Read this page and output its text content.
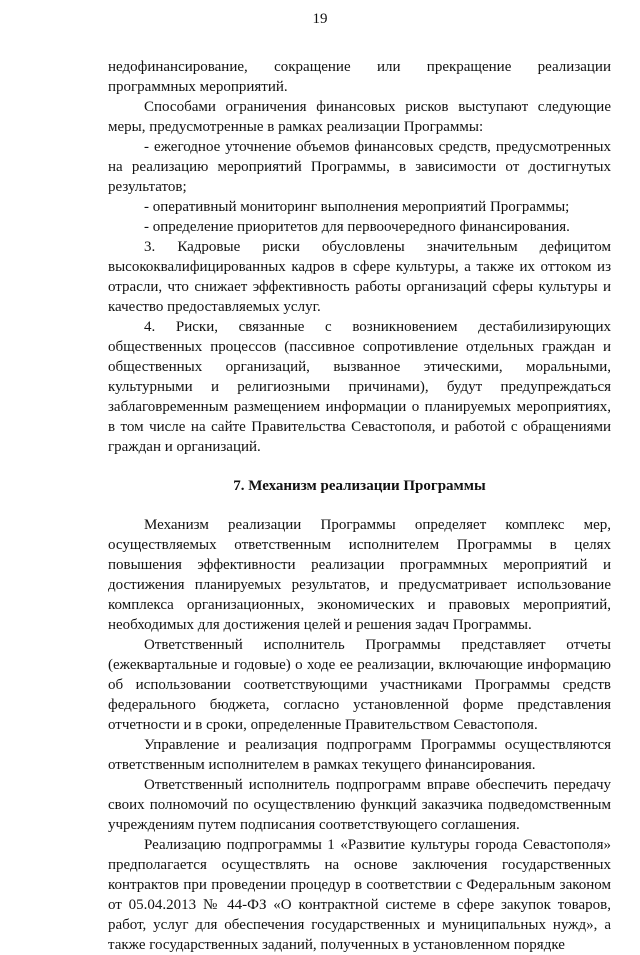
19

недофинансирование, сокращение или прекращение реализации программных мероприятий.

Способами ограничения финансовых рисков выступают следующие меры, предусмотренные в рамках реализации Программы:

- ежегодное уточнение объемов финансовых средств, предусмотренных на реализацию мероприятий Программы, в зависимости от достигнутых результатов;

- оперативный мониторинг выполнения мероприятий Программы;

- определение приоритетов для первоочередного финансирования.

3. Кадровые риски обусловлены значительным дефицитом высококвалифицированных кадров в сфере культуры, а также их оттоком из отрасли, что снижает эффективность работы организаций сферы культуры и качество предоставляемых услуг.

4. Риски, связанные с возникновением дестабилизирующих общественных процессов (пассивное сопротивление отдельных граждан и общественных организаций, вызванное этическими, моральными, культурными и религиозными причинами), будут предупреждаться заблаговременным размещением информации о планируемых мероприятиях, в том числе на сайте Правительства Севастополя, и работой с обращениями граждан и организаций.

7. Механизм реализации Программы

Механизм реализации Программы определяет комплекс мер, осуществляемых ответственным исполнителем Программы в целях повышения эффективности реализации программных мероприятий и достижения планируемых результатов, и предусматривает использование комплекса организационных, экономических и правовых мероприятий, необходимых для достижения целей и решения задач Программы.

Ответственный исполнитель Программы представляет отчеты (ежеквартальные и годовые) о ходе ее реализации, включающие информацию об использовании соответствующими участниками Программы средств федерального бюджета, согласно установленной форме представления отчетности и в сроки, определенные Правительством Севастополя.

Управление и реализация подпрограмм Программы осуществляются ответственным исполнителем в рамках текущего финансирования.

Ответственный исполнитель подпрограмм вправе обеспечить передачу своих полномочий по осуществлению функций заказчика подведомственным учреждениям путем подписания соответствующего соглашения.

Реализацию подпрограммы 1 «Развитие культуры города Севастополя» предполагается осуществлять на основе заключения государственных контрактов при проведении процедур в соответствии с Федеральным законом от 05.04.2013 № 44-ФЗ «О контрактной системе в сфере закупок товаров, работ, услуг для обеспечения государственных и муниципальных нужд», а также государственных заданий, полученных в установленном порядке
